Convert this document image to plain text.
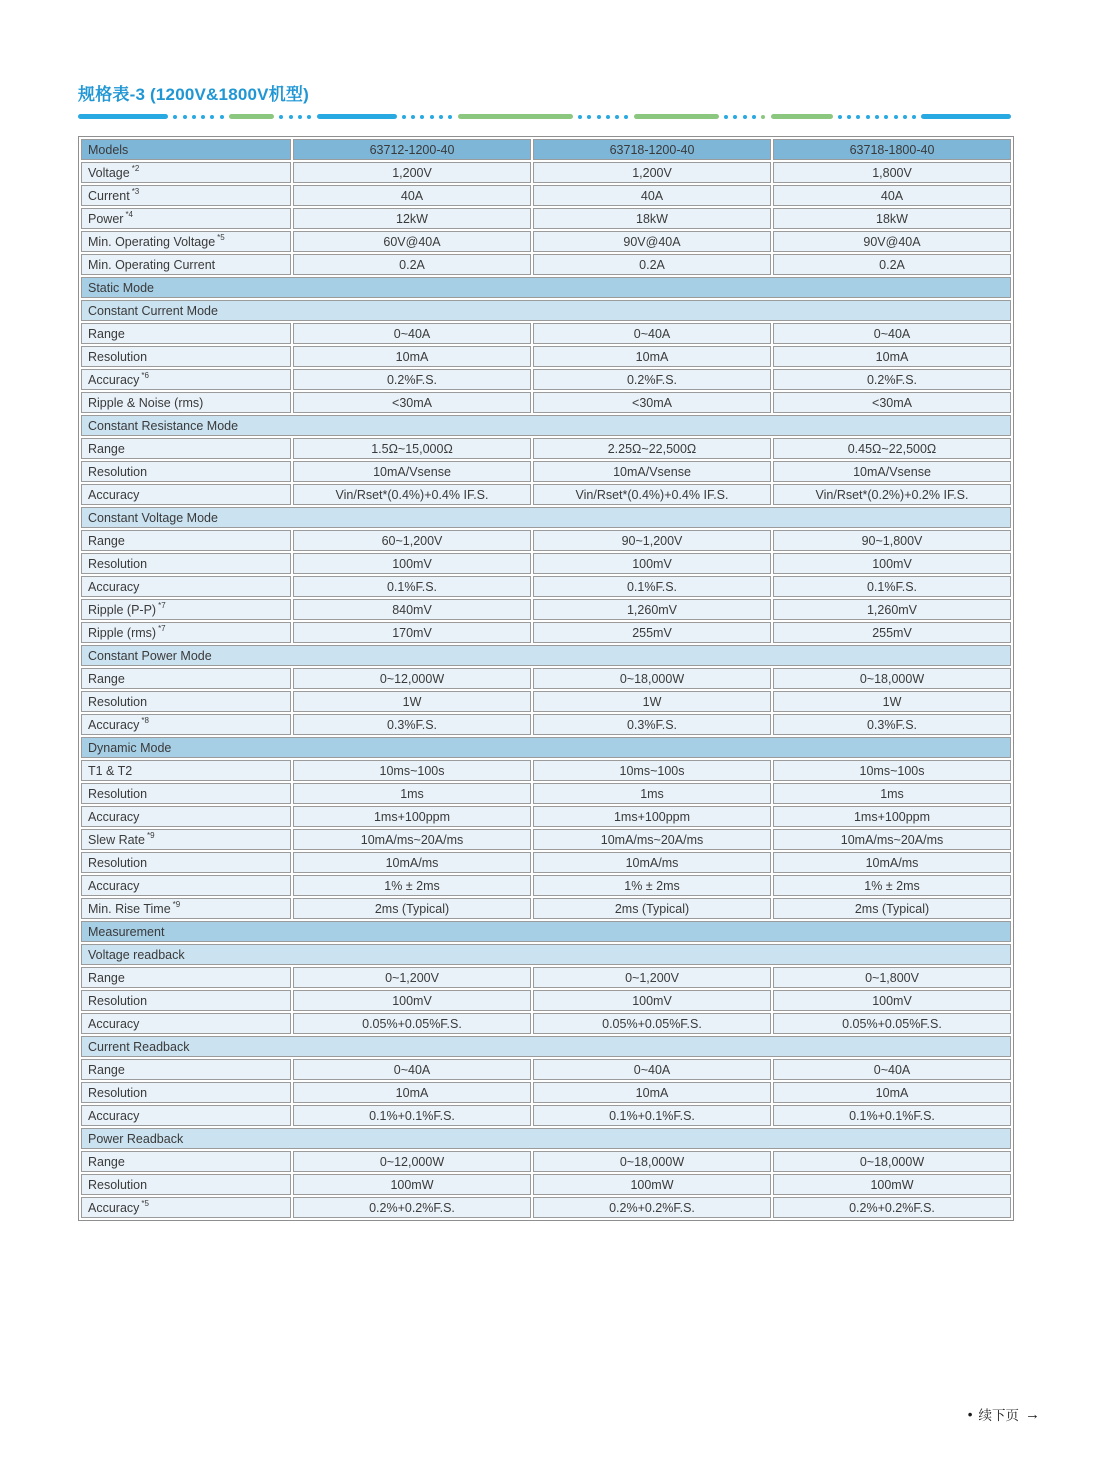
规格表-3 (1200V&1800V机型)
Models	63712-1200-40	63718-1200-40	63718-1800-40
Voltage $^{*2}$	1,200V	1,200V	1,800V
Current $^{*3}$	40A	40A	40A
Power $^{*4}$	12kW	18kW	18kW
Min. Operating Voltage $^{*5}$	60V@40A	90V@40A	90V@40A
Min. Operating Current	0.2A	0.2A	0.2A
Static Mode			
Constant Current Mode			
Range	0~40A	0~40A	0~40A
Resolution	10mA	10mA	10mA
Accuracy $^{*6}$	0.2%F.S.	0.2%F.S.	0.2%F.S.
Ripple & Noise (rms)	<30mA	<30mA	<30mA
Constant Resistance Mode			
Range	1.5Ω~15,000Ω	2.25Ω~22,500Ω	0.45Ω~22,500Ω
Resolution	10mA/Vsense	10mA/Vsense	10mA/Vsense
Accuracy	Vin/Rset*(0.4%)+0.4% IF.S.	Vin/Rset*(0.4%)+0.4% IF.S.	Vin/Rset*(0.2%)+0.2% IF.S.
Constant Voltage Mode			
Range	60~1,200V	90~1,200V	90~1,800V
Resolution	100mV	100mV	100mV
Accuracy	0.1%F.S.	0.1%F.S.	0.1%F.S.
Ripple (P-P) $^{*7}$	840mV	1,260mV	1,260mV
Ripple (rms) $^{*7}$	170mV	255mV	255mV
Constant Power Mode			
Range	0~12,000W	0~18,000W	0~18,000W
Resolution	1W	1W	1W
Accuracy $^{*8}$	0.3%F.S.	0.3%F.S.	0.3%F.S.
Dynamic Mode			
T1 & T2	10ms~100s	10ms~100s	10ms~100s
Resolution	1ms	1ms	1ms
Accuracy	1ms+100ppm	1ms+100ppm	1ms+100ppm
Slew Rate $^{*9}$	10mA/ms~20A/ms	10mA/ms~20A/ms	10mA/ms~20A/ms
Resolution	10mA/ms	10mA/ms	10mA/ms
Accuracy	1% ± 2ms	1% ± 2ms	1% ± 2ms
Min. Rise Time $^{*9}$	2ms (Typical)	2ms (Typical)	2ms (Typical)
Measurement			
Voltage readback			
Range	0~1,200V	0~1,200V	0~1,800V
Resolution	100mV	100mV	100mV
Accuracy	0.05%+0.05%F.S.	0.05%+0.05%F.S.	0.05%+0.05%F.S.
Current Readback			
Range	0~40A	0~40A	0~40A
Resolution	10mA	10mA	10mA
Accuracy	0.1%+0.1%F.S.	0.1%+0.1%F.S.	0.1%+0.1%F.S.
Power Readback			
Range	0~12,000W	0~18,000W	0~18,000W
Resolution	100mW	100mW	100mW
Accuracy $^{*5}$	0.2%+0.2%F.S.	0.2%+0.2%F.S.	0.2%+0.2%F.S.
• 续下页 →
